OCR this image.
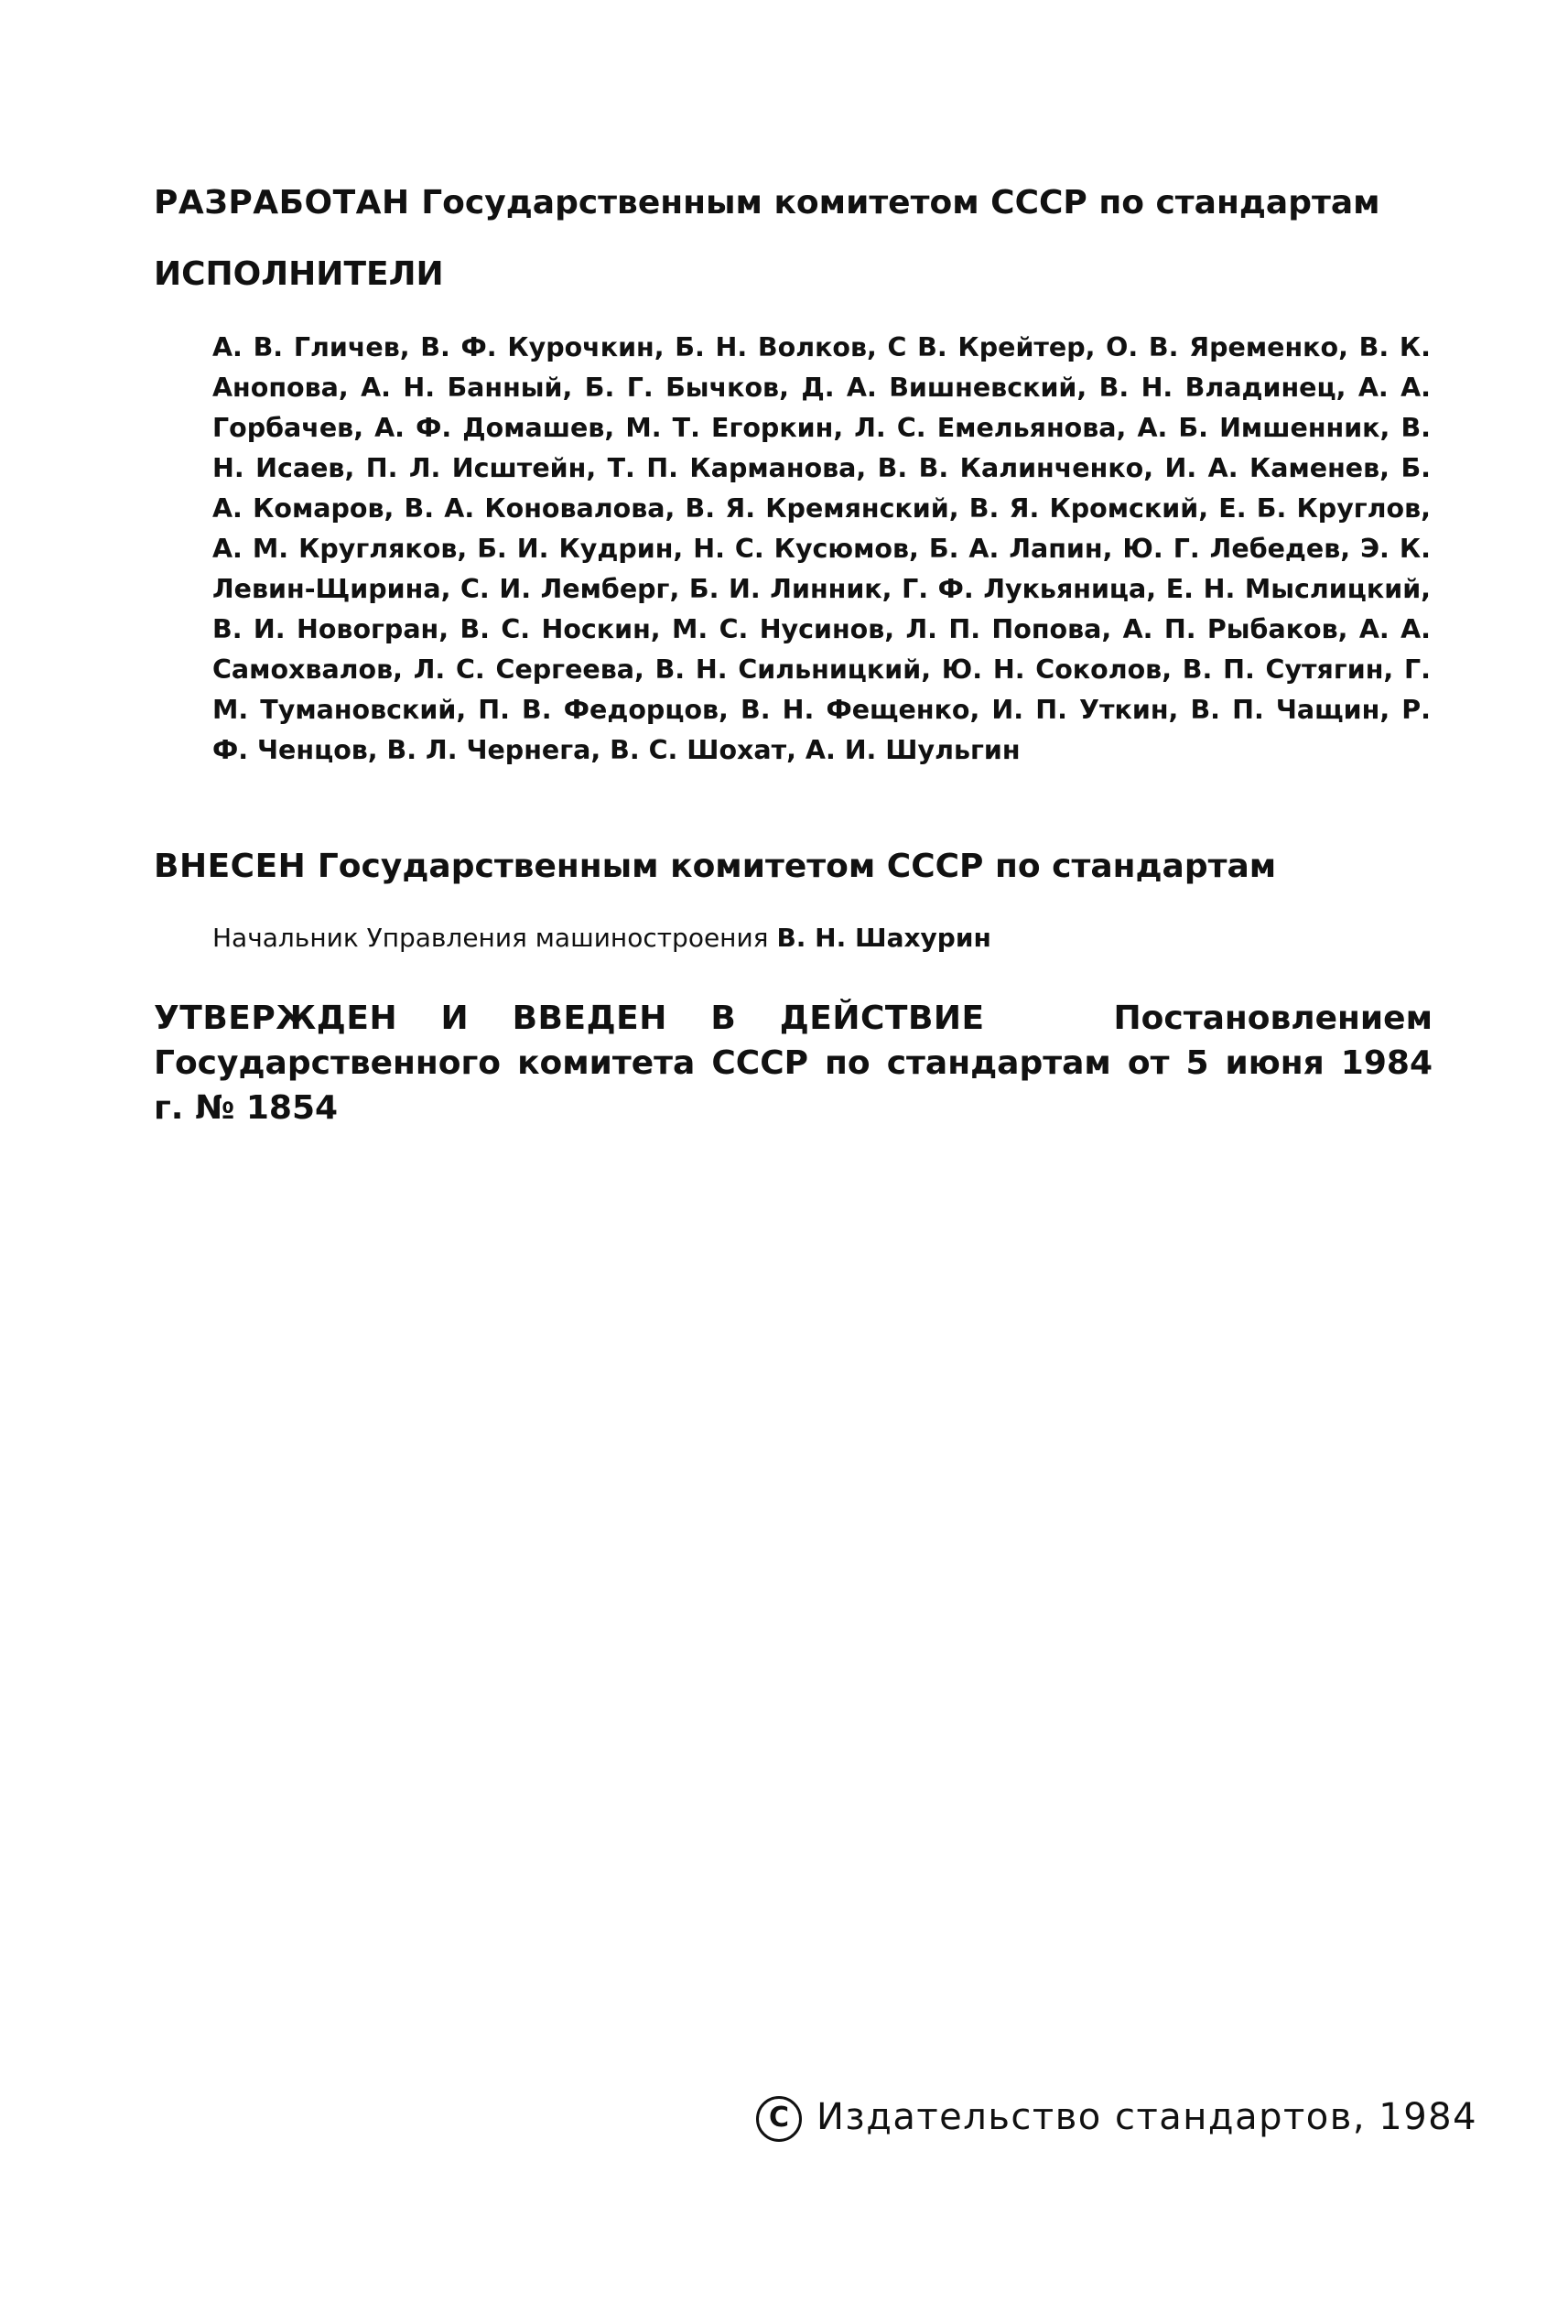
РАЗРАБОТАН Государственным комитетом СССР по стандартам
ИСПОЛНИТЕЛИ
А. В. Гличев, В. Ф. Курочкин, Б. Н. Волков, С В. Крейтер, О. В. Яременко, В. К. Анопова, А. Н. Банный, Б. Г. Бычков, Д. А. Вишневский, В. Н. Владинец, А. А. Горбачев, А. Ф. Домашев, М. Т. Егоркин, Л. С. Емельянова, А. Б. Имшенник, В. Н. Исаев, П. Л. Исштейн, Т. П. Карманова, В. В. Калинченко, И. А. Каменев, Б. А. Комаров, В. А. Коновалова, В. Я. Кремянский, В. Я. Кромский, Е. Б. Круглов, А. М. Кругляков, Б. И. Кудрин, Н. С. Кусюмов, Б. А. Лапин, Ю. Г. Лебедев, Э. К. Левин-Щирина, С. И. Лемберг, Б. И. Линник, Г. Ф. Лукьяница, Е. Н. Мыслицкий, В. И. Новогран, В. С. Носкин, М. С. Нусинов, Л. П. Попова, А. П. Рыбаков, А. А. Самохвалов, Л. С. Сергеева, В. Н. Сильницкий, Ю. Н. Соколов, В. П. Сутягин, Г. М. Тумановский, П. В. Федорцов, В. Н. Фещенко, И. П. Уткин, В. П. Чащин, Р. Ф. Ченцов, В. Л. Чернега, В. С. Шохат, А. И. Шульгин
ВНЕСЕН Государственным комитетом СССР по стандартам
Начальник Управления машиностроения В. Н. Шахурин
УТВЕРЖДЕН И ВВЕДЕН В ДЕЙСТВИЕ	Постановлением Государственного комитета СССР по стандартам от 5 июня 1984 г. № 1854
C Издательство стандартов, 1984
